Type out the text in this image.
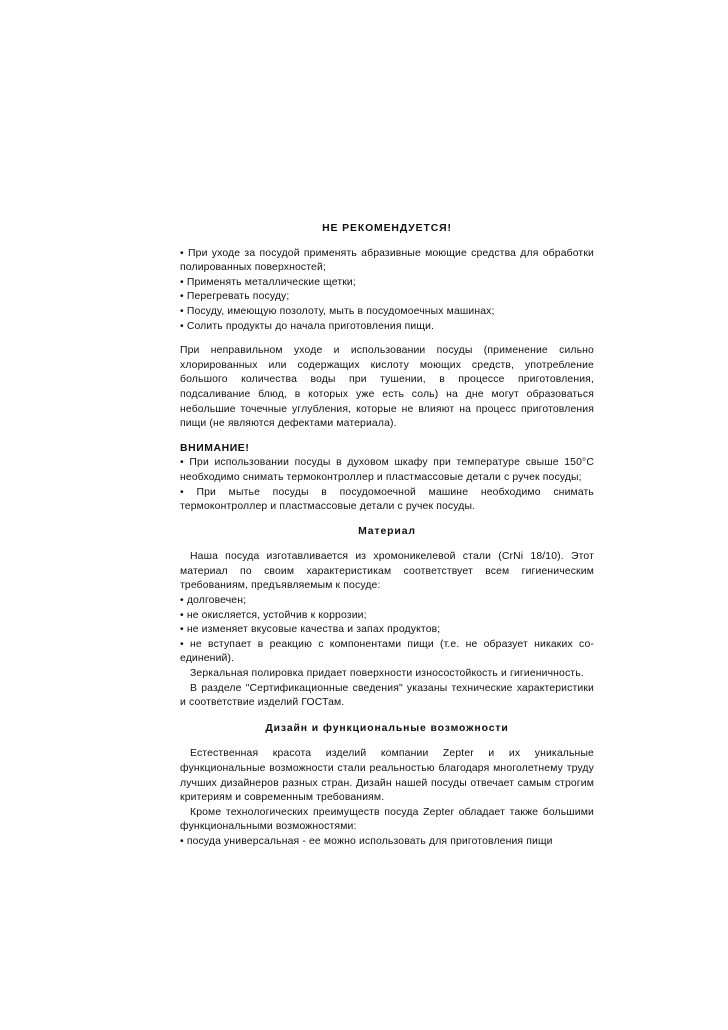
НЕ РЕКОМЕНДУЕТСЯ!
• При уходе за посудой применять абразивные моющие средства для обработки полированных поверхностей;
• Применять металлические щетки;
• Перегревать посуду;
• Посуду, имеющую позолоту, мыть в посудомоечных машинах;
• Солить продукты до начала приготовления пищи.

При неправильном уходе и использовании посуды (применение сильно хлорированных или содержащих кислоту моющих средств, употребление большого количества воды при тушении, в процессе приготовления, подсаливание блюд, в которых уже есть соль) на дне могут образоваться небольшие точечные углубления, которые не влияют на процесс приготовления пищи (не являются дефектами материала).

ВНИМАНИЕ!
• При использовании посуды в духовом шкафу при температуре свыше 150°С необходимо снимать термоконтроллер и пластмассовые детали с ручек посуды;
• При мытье посуды в посудомоечной машине необходимо снимать термоконтроллер и пластмассовые детали с ручек посуды.
Материал

Наша посуда изготавливается из хромоникелевой стали (CrNi 18/10). Этот материал по своим характеристикам соответствует всем гигиеническим требованиям, предъявляемым к посуде:

• долговечен;
• не окисляется, устойчив к коррозии;
• не изменяет вкусовые качества и запах продуктов;
• не вступает в реакцию с компонентами пищи (т.е. не образует никаких со-единений).

Зеркальная полировка придает поверхности износостойкость и гигиеничность.

В разделе "Сертификационные сведения" указаны технические характеристики и соответствие изделий ГОСТам.

Дизайн и функциональные возможности

Естественная красота изделий компании Zepter и их уникальные функциональные возможности стали реальностью благодаря многолетнему труду лучших дизайнеров разных стран. Дизайн нашей посуды отвечает самым строгим критериям и современным требованиям.

Кроме технологических преимуществ посуда Zepter обладает также большими функциональными возможностями:

• посуда универсальная - ее можно использовать для приготовления пищи
